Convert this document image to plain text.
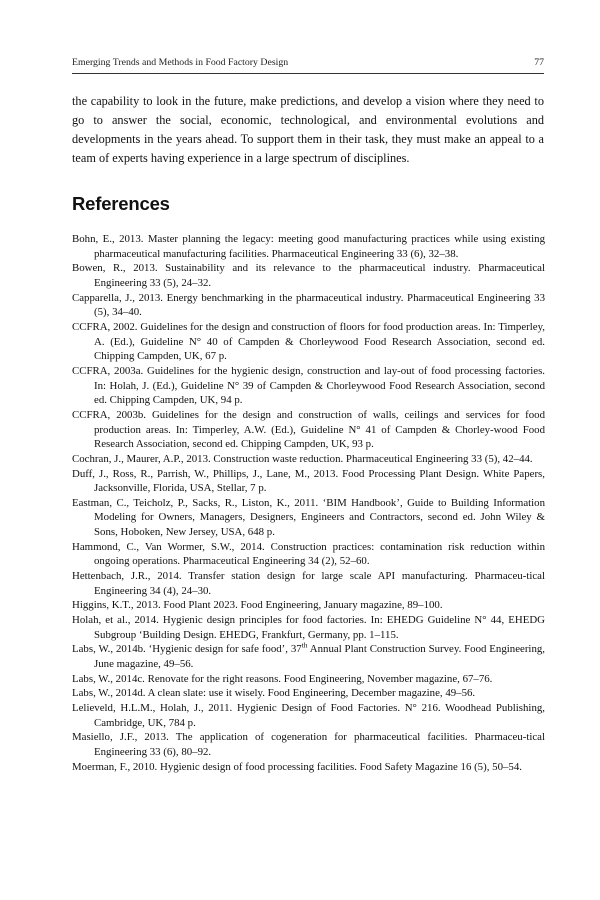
Emerging Trends and Methods in Food Factory Design	77

the capability to look in the future, make predictions, and develop a vision where they need to go to answer the social, economic, technological, and environmental evolutions and developments in the years ahead. To support them in their task, they must make an appeal to a team of experts having experience in a large spectrum of disciplines.

References
Bohn, E., 2013. Master planning the legacy: meeting good manufacturing practices while using existing pharmaceutical manufacturing facilities. Pharmaceutical Engineering 33 (6), 32–38.
Bowen, R., 2013. Sustainability and its relevance to the pharmaceutical industry. Pharmaceutical Engineering 33 (5), 24–32.
Capparella, J., 2013. Energy benchmarking in the pharmaceutical industry. Pharmaceutical Engineering 33 (5), 34–40.
CCFRA, 2002. Guidelines for the design and construction of floors for food production areas. In: Timperley, A. (Ed.), Guideline N° 40 of Campden & Chorleywood Food Research Association, second ed. Chipping Campden, UK, 67 p.
CCFRA, 2003a. Guidelines for the hygienic design, construction and lay-out of food processing factories. In: Holah, J. (Ed.), Guideline N° 39 of Campden & Chorleywood Food Research Association, second ed. Chipping Campden, UK, 94 p.
CCFRA, 2003b. Guidelines for the design and construction of walls, ceilings and services for food production areas. In: Timperley, A.W. (Ed.), Guideline N° 41 of Campden & Chorley-wood Food Research Association, second ed. Chipping Campden, UK, 93 p.
Cochran, J., Maurer, A.P., 2013. Construction waste reduction. Pharmaceutical Engineering 33 (5), 42–44.
Duff, J., Ross, R., Parrish, W., Phillips, J., Lane, M., 2013. Food Processing Plant Design. White Papers, Jacksonville, Florida, USA, Stellar, 7 p.
Eastman, C., Teicholz, P., Sacks, R., Liston, K., 2011. ‘BIM Handbook’, Guide to Building Information Modeling for Owners, Managers, Designers, Engineers and Contractors, second ed. John Wiley & Sons, Hoboken, New Jersey, USA, 648 p.
Hammond, C., Van Wormer, S.W., 2014. Construction practices: contamination risk reduction within ongoing operations. Pharmaceutical Engineering 34 (2), 52–60.
Hettenbach, J.R., 2014. Transfer station design for large scale API manufacturing. Pharmaceu-tical Engineering 34 (4), 24–30.
Higgins, K.T., 2013. Food Plant 2023. Food Engineering, January magazine, 89–100.
Holah, et al., 2014. Hygienic design principles for food factories. In: EHEDG Guideline N° 44, EHEDG Subgroup ‘Building Design. EHEDG, Frankfurt, Germany, pp. 1–115.
Labs, W., 2014b. ‘Hygienic design for safe food’, 37th Annual Plant Construction Survey. Food Engineering, June magazine, 49–56.
Labs, W., 2014c. Renovate for the right reasons. Food Engineering, November magazine, 67–76.
Labs, W., 2014d. A clean slate: use it wisely. Food Engineering, December magazine, 49–56.
Lelieveld, H.L.M., Holah, J., 2011. Hygienic Design of Food Factories. N° 216. Woodhead Publishing, Cambridge, UK, 784 p.
Masiello, J.F., 2013. The application of cogeneration for pharmaceutical facilities. Pharmaceu-tical Engineering 33 (6), 80–92.
Moerman, F., 2010. Hygienic design of food processing facilities. Food Safety Magazine 16 (5), 50–54.
